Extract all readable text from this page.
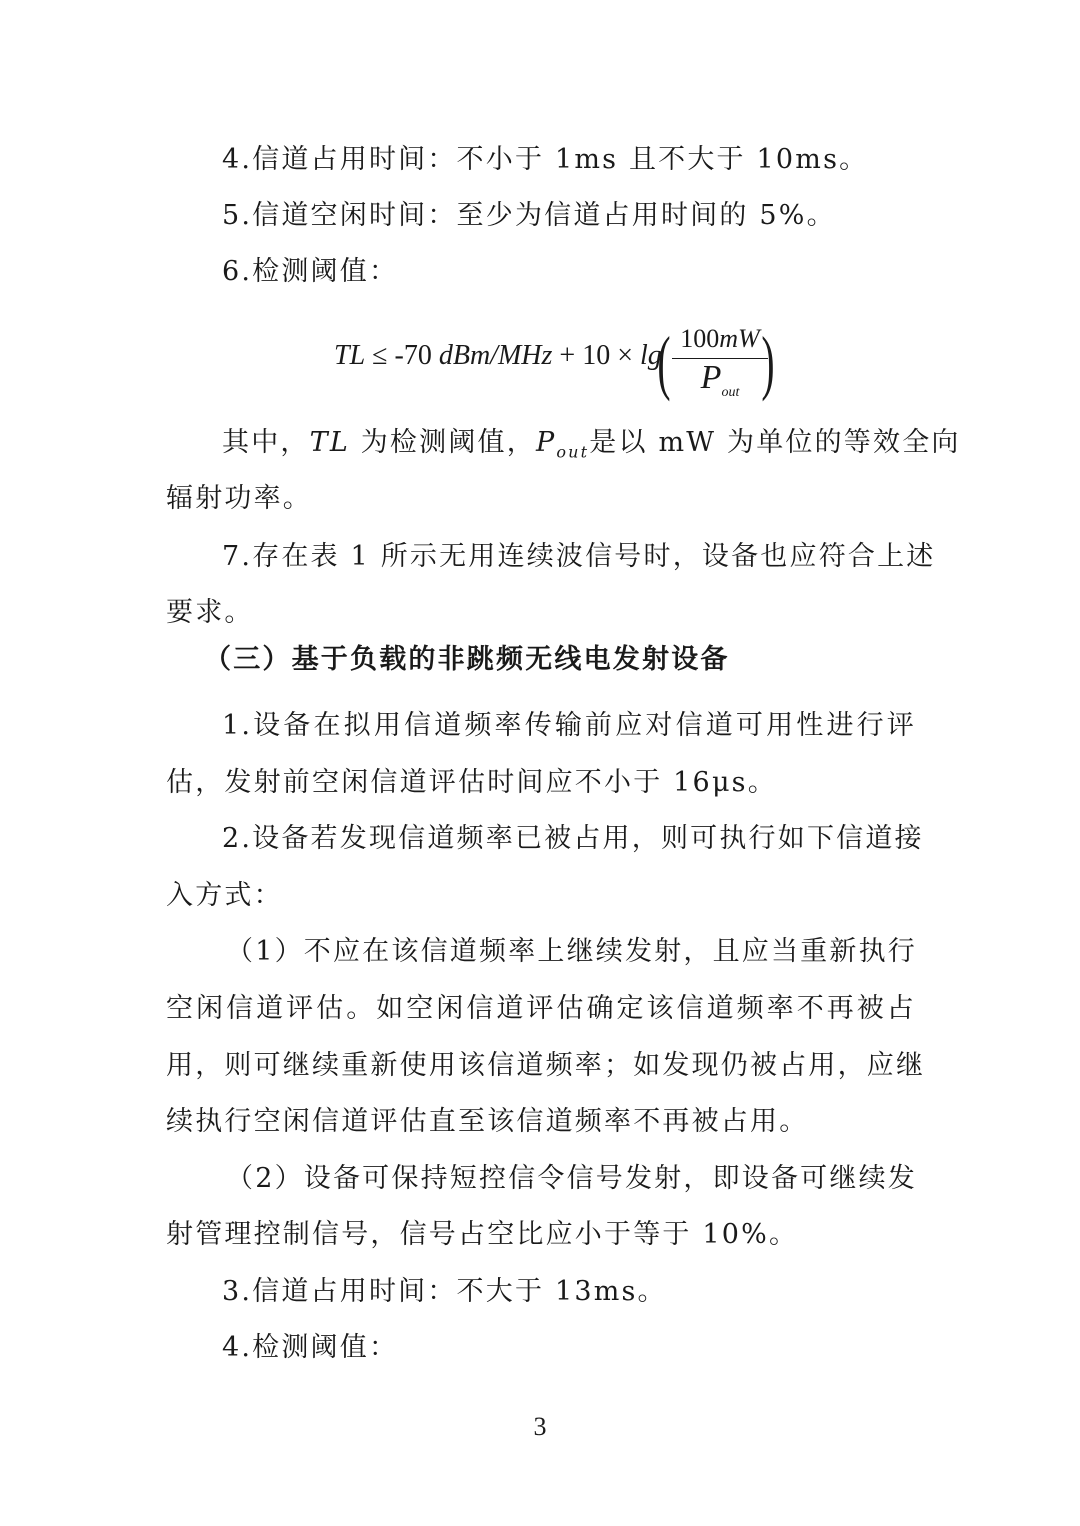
4.信道占用时间：不小于 1ms 且不大于 10ms。
5.信道空闲时间：至少为信道占用时间的 5%。
6.检测阈值：
TL ≤ -70 dBm/MHz + 10 × lg
( 100mW
$P_{out}$ )
其中，TL 为检测阈值，$P_{out}$是以 mW 为单位的等效全向
辐射功率。
7.存在表 1 所示无用连续波信号时，设备也应符合上述
要求。
（三）基于负载的非跳频无线电发射设备
1.设备在拟用信道频率传输前应对信道可用性进行评
估，发射前空闲信道评估时间应不小于 16μs。
2.设备若发现信道频率已被占用，则可执行如下信道接
入方式：
（1）不应在该信道频率上继续发射，且应当重新执行
空闲信道评估。如空闲信道评估确定该信道频率不再被占
用，则可继续重新使用该信道频率；如发现仍被占用，应继
续执行空闲信道评估直至该信道频率不再被占用。
（2）设备可保持短控信令信号发射，即设备可继续发
射管理控制信号，信号占空比应小于等于 10%。
3.信道占用时间：不大于 13ms。
4.检测阈值：
3
